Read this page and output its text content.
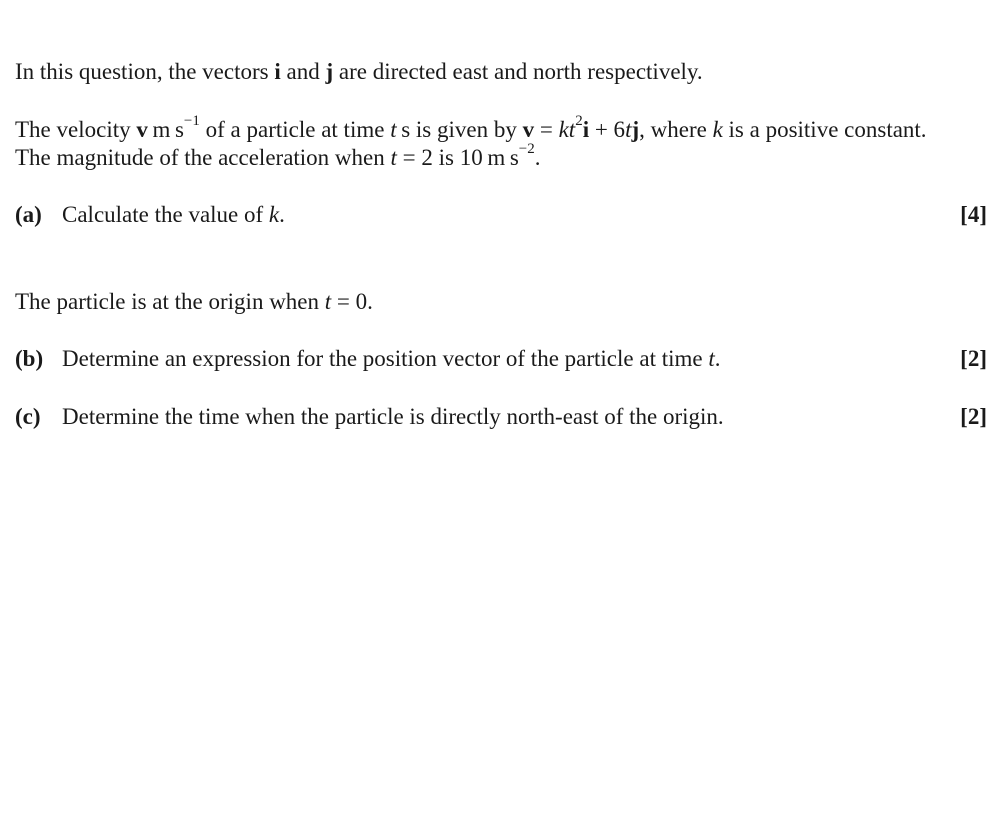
In this question, the vectors i and j are directed east and north respectively.
The velocity v m $s^{-1}$ of a particle at time t s is given by $v = kt^2i + 6tj$, where k is a positive constant.
The magnitude of the acceleration when t = 2 is 10 m $s^{-2}$.
(a) Calculate the value of k.	[4]
The particle is at the origin when t = 0.
(b) Determine an expression for the position vector of the particle at time t.	[2]
(c) Determine the time when the particle is directly north-east of the origin.	[2]
